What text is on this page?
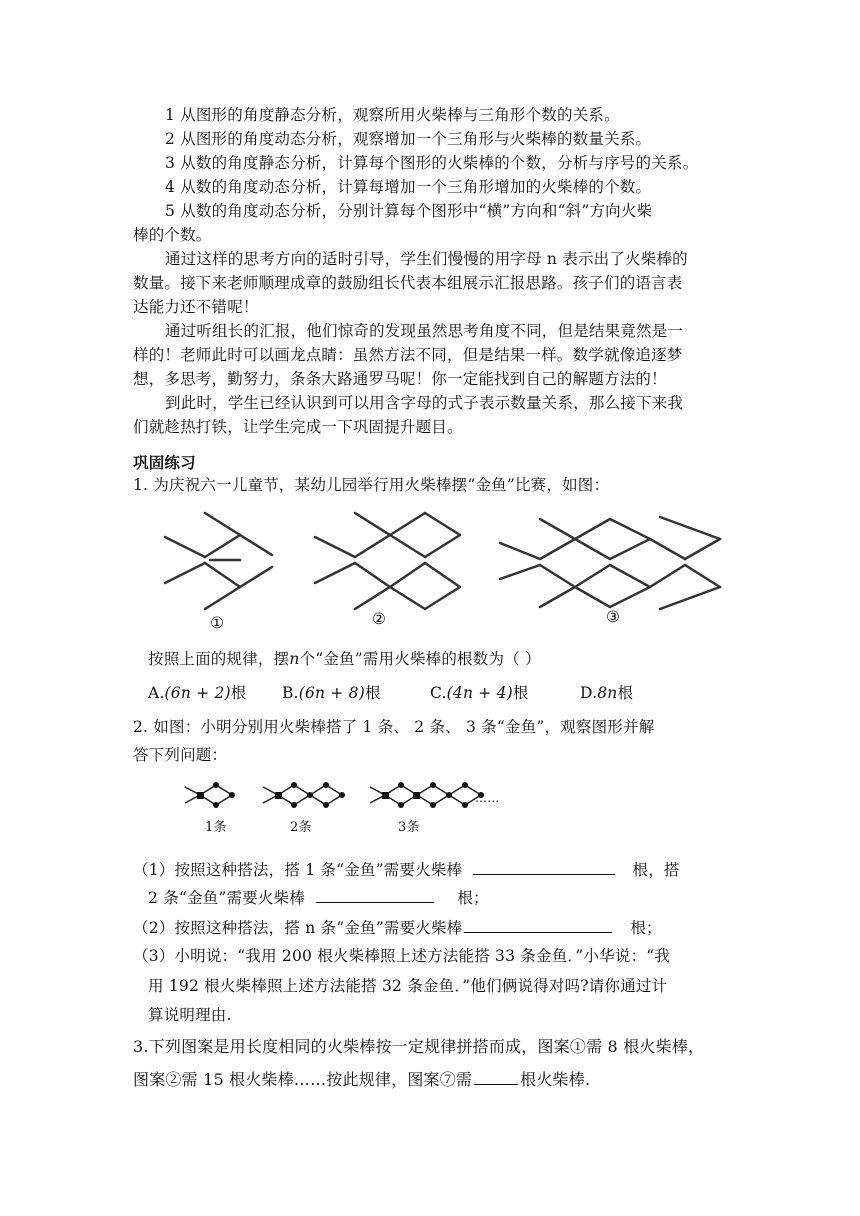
1 从图形的角度静态分析，观察所用火柴棒与三角形个数的关系。
2 从图形的角度动态分析，观察增加一个三角形与火柴棒的数量关系。
3 从数的角度静态分析，计算每个图形的火柴棒的个数，分析与序号的关系。
4 从数的角度动态分析，计算每增加一个三角形增加的火柴棒的个数。
5 从数的角度动态分析，分别计算每个图形中“横”方向和“斜”方向火柴
棒的个数。
通过这样的思考方向的适时引导，学生们慢慢的用字母 n 表示出了火柴棒的
数量。接下来老师顺理成章的鼓励组长代表本组展示汇报思路。孩子们的语言表
达能力还不错呢！
通过听组长的汇报，他们惊奇的发现虽然思考角度不同，但是结果竟然是一
样的！老师此时可以画龙点睛：虽然方法不同，但是结果一样。数学就像追逐梦
想，多思考，勤努力，条条大路通罗马呢！你一定能找到自己的解题方法的！
到此时，学生已经认识到可以用含字母的式子表示数量关系，那么接下来我
们就趁热打铁，让学生完成一下巩固提升题目。
巩固练习
1. 为庆祝六一儿童节，某幼儿园举行用火柴棒摆“金鱼”比赛，如图：
①	②	③
按照上面的规律，摆n个“金鱼”需用火柴棒的根数为（ ）
A.(6n + 2)根 B.(6n + 8)根	C.(4n + 4)根	D.8n根
2. 如图：小明分别用火柴棒搭了 1 条、 2 条、 3 条“金鱼”，观察图形并解
答下列问题：
……
1条	2条	3条
（1）按照这种搭法，搭 1 条“金鱼”需要火柴棒	根，搭
2 条“金鱼”需要火柴棒	根；
（2）按照这种搭法，搭 n 条“金鱼”需要火柴棒	根；
（3）小明说：“我用 200 根火柴棒照上述方法能搭 33 条金鱼．”小华说：“我
用 192 根火柴棒照上述方法能搭 32 条金鱼．”他们俩说得对吗?请你通过计
算说明理由.
3.下列图案是用长度相同的火柴棒按一定规律拼搭而成，图案①需 8 根火柴棒，
图案②需 15 根火柴棒……按此规律，图案⑦需	根火柴棒.
